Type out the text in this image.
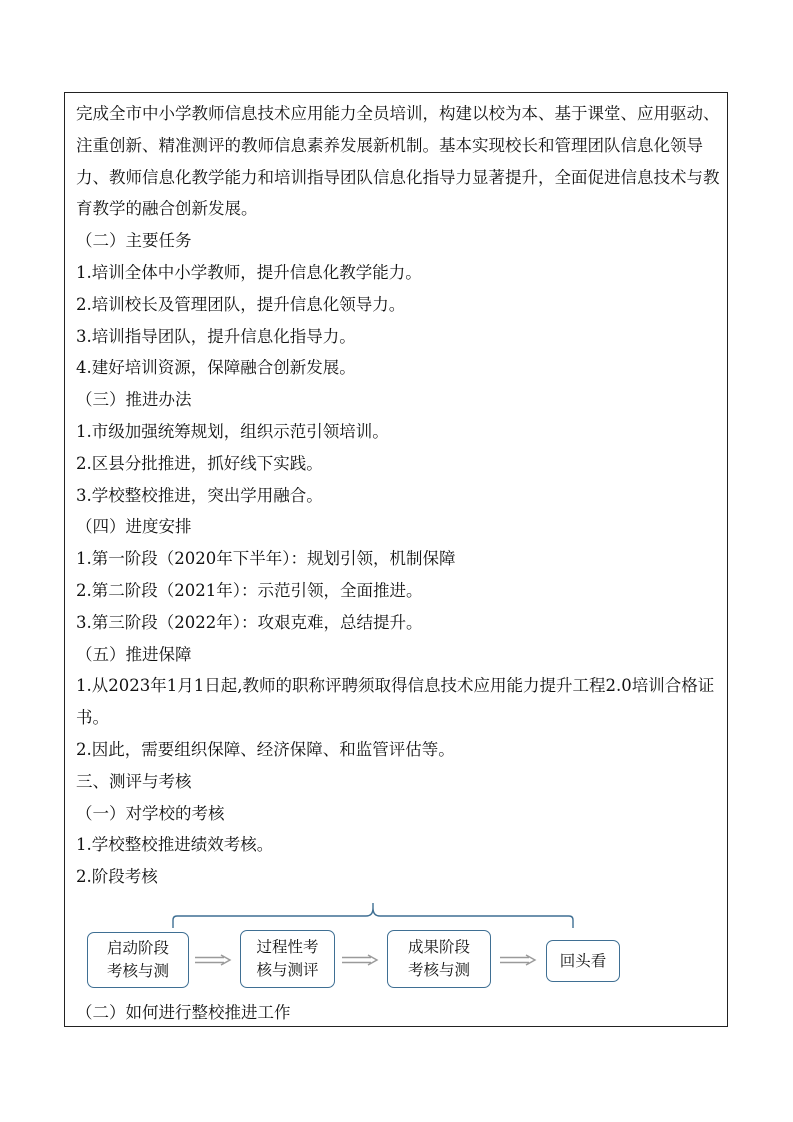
完成全市中小学教师信息技术应用能力全员培训，构建以校为本、基于课堂、应用驱动、注重创新、精准测评的教师信息素养发展新机制。基本实现校长和管理团队信息化领导力、教师信息化教学能力和培训指导团队信息化指导力显著提升，全面促进信息技术与教育教学的融合创新发展。

（二）主要任务

1.培训全体中小学教师，提升信息化教学能力。

2.培训校长及管理团队，提升信息化领导力。

3.培训指导团队，提升信息化指导力。

4.建好培训资源，保障融合创新发展。

（三）推进办法

1.市级加强统筹规划，组织示范引领培训。

2.区县分批推进，抓好线下实践。

3.学校整校推进，突出学用融合。

（四）进度安排

1.第一阶段（2020年下半年）：规划引领，机制保障

2.第二阶段（2021年）：示范引领，全面推进。

3.第三阶段（2022年）：攻艰克难，总结提升。

（五）推进保障

1.从2023年1月1日起,教师的职称评聘须取得信息技术应用能力提升工程2.0培训合格证书。

2.因此，需要组织保障、经济保障、和监管评估等。

三、测评与考核

（一）对学校的考核

1.学校整校推进绩效考核。

2.阶段考核

启动阶段
考核与测
过程性考
核与测评
成果阶段
考核与测
回头看

（二）如何进行整校推进工作
